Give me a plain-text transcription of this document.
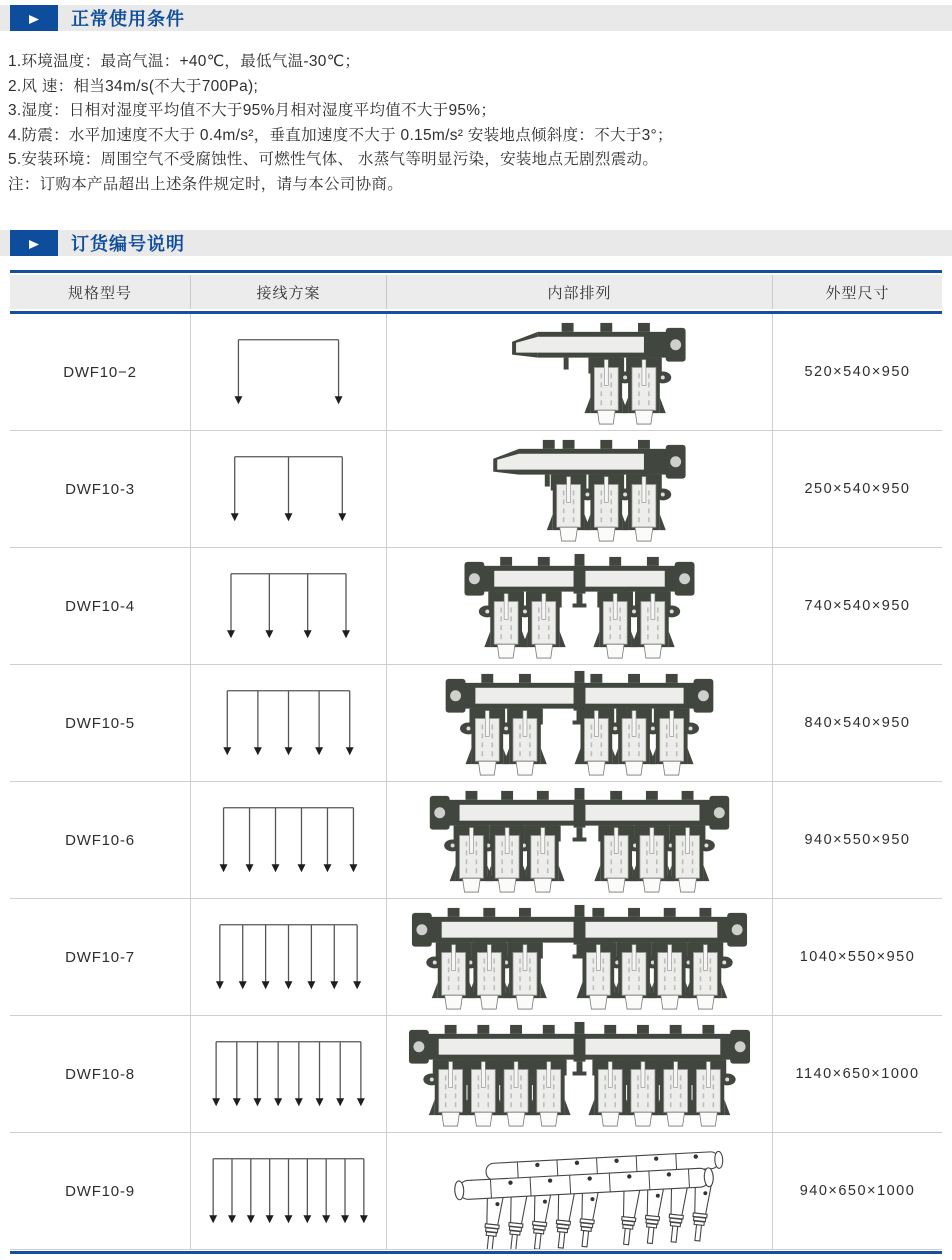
▶	正常使用条件

1.环境温度：最高气温：+40℃，最低气温-30℃；

2.风 速：相当34m/s(不大于700Pa);

3.湿度：日相对湿度平均值不大于95%月相对湿度平均值不大于95%；

4.防震：水平加速度不大于 0.4m/s²，垂直加速度不大于 0.15m/s² 安装地点倾斜度：不大于3°；

5.安装环境：周围空气不受腐蚀性、可燃性气体、 水蒸气等明显污染，安装地点无剧烈震动。

注：订购本产品超出上述条件规定时，请与本公司协商。

▶	订货编号说明
规格型号	接线方案	内部排列	外型尺寸
DWF10−2	520×540×950
DWF10-3	250×540×950
DWF10-4	740×540×950
DWF10-5	840×540×950
DWF10-6	940×550×950
DWF10-7	1040×550×950
DWF10-8	1140×650×1000
DWF10-9	940×650×1000
